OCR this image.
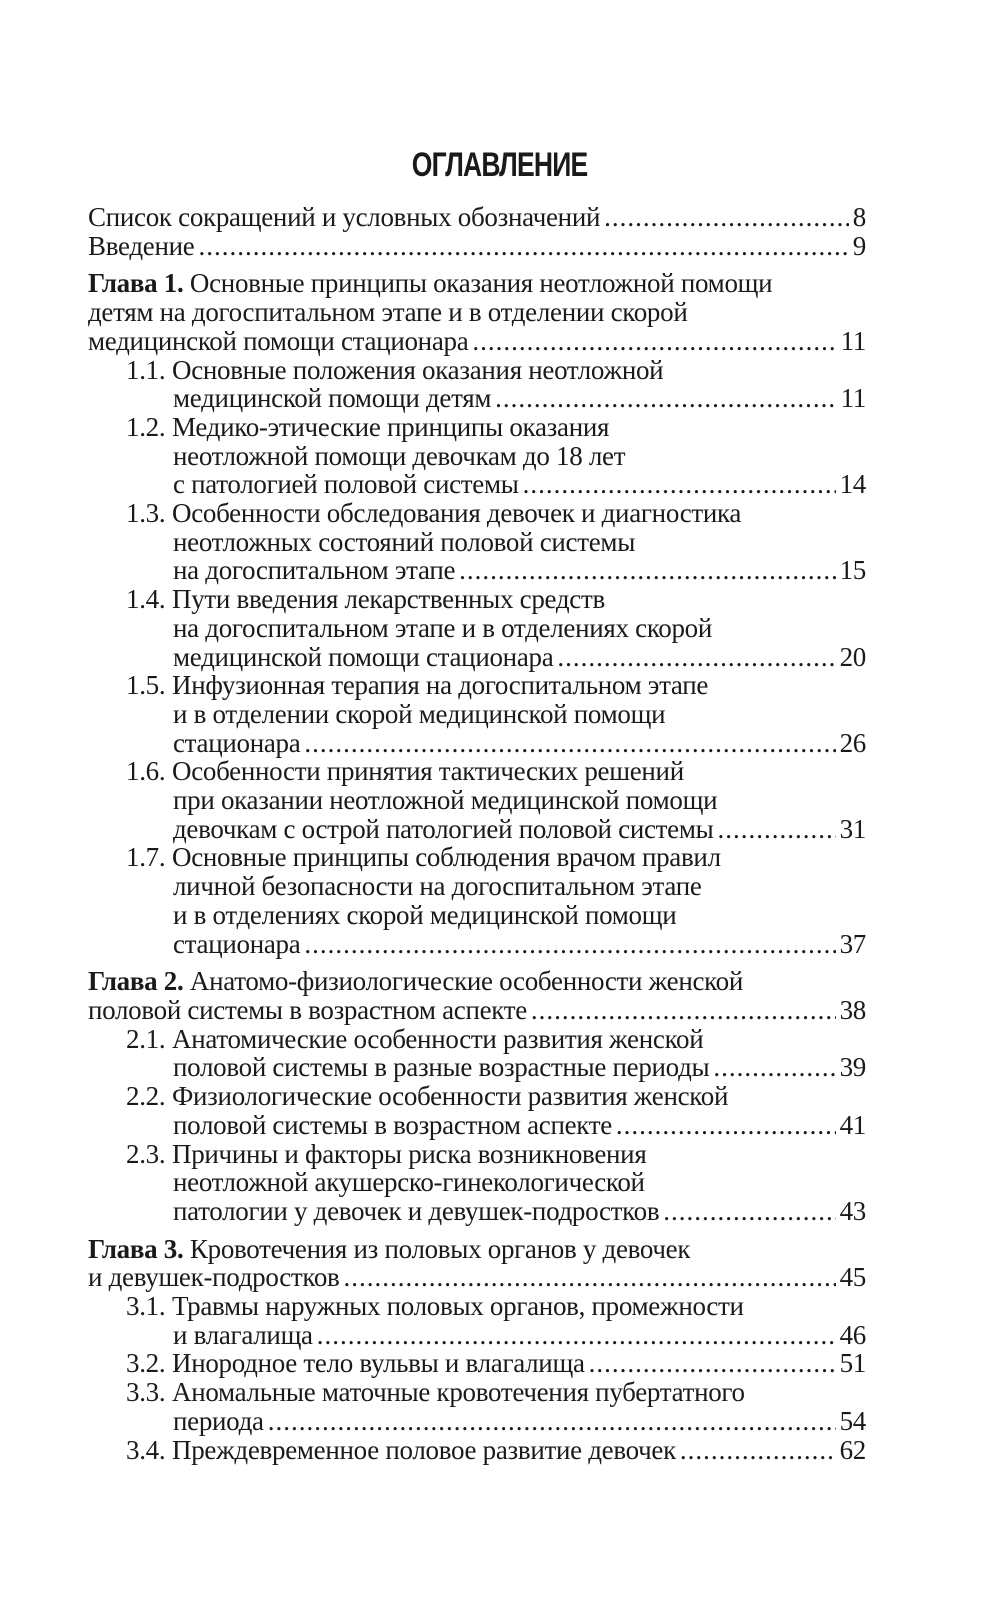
ОГЛАВЛЕНИЕ
Список сокращений и условных обозначений .....	8
Введение .....	9
Глава 1. Основные принципы оказания неотложной помощи
детям на догоспитальном этапе и в отделении скорой
медицинской помощи стационара .....	11
1.1. Основные положения оказания неотложной
медицинской помощи детям .....	11
1.2. Медико-этические принципы оказания
неотложной помощи девочкам до 18 лет
с патологией половой системы .....	14
1.3. Особенности обследования девочек и диагностика
неотложных состояний половой системы
на догоспитальном этапе .....	15
1.4. Пути введения лекарственных средств
на догоспитальном этапе и в отделениях скорой
медицинской помощи стационара .....	20
1.5. Инфузионная терапия на догоспитальном этапе
и в отделении скорой медицинской помощи
стационара .....	26
1.6. Особенности принятия тактических решений
при оказании неотложной медицинской помощи
девочкам с острой патологией половой системы .....	31
1.7. Основные принципы соблюдения врачом правил
личной безопасности на догоспитальном этапе
и в отделениях скорой медицинской помощи
стационара .....	37
Глава 2. Анатомо-физиологические особенности женской
половой системы в возрастном аспекте .....	38
2.1. Анатомические особенности развития женской
половой системы в разные возрастные периоды .....	39
2.2. Физиологические особенности развития женской
половой системы в возрастном аспекте .....	41
2.3. Причины и факторы риска возникновения
неотложной акушерско-гинекологической
патологии у девочек и девушек-подростков .....	43
Глава 3. Кровотечения из половых органов у девочек
и девушек-подростков .....	45
3.1. Травмы наружных половых органов, промежности
и влагалища .....	46
3.2. Инородное тело вульвы и влагалища .....	51
3.3. Аномальные маточные кровотечения пубертатного
периода .....	54
3.4. Преждевременное половое развитие девочек .....	62
